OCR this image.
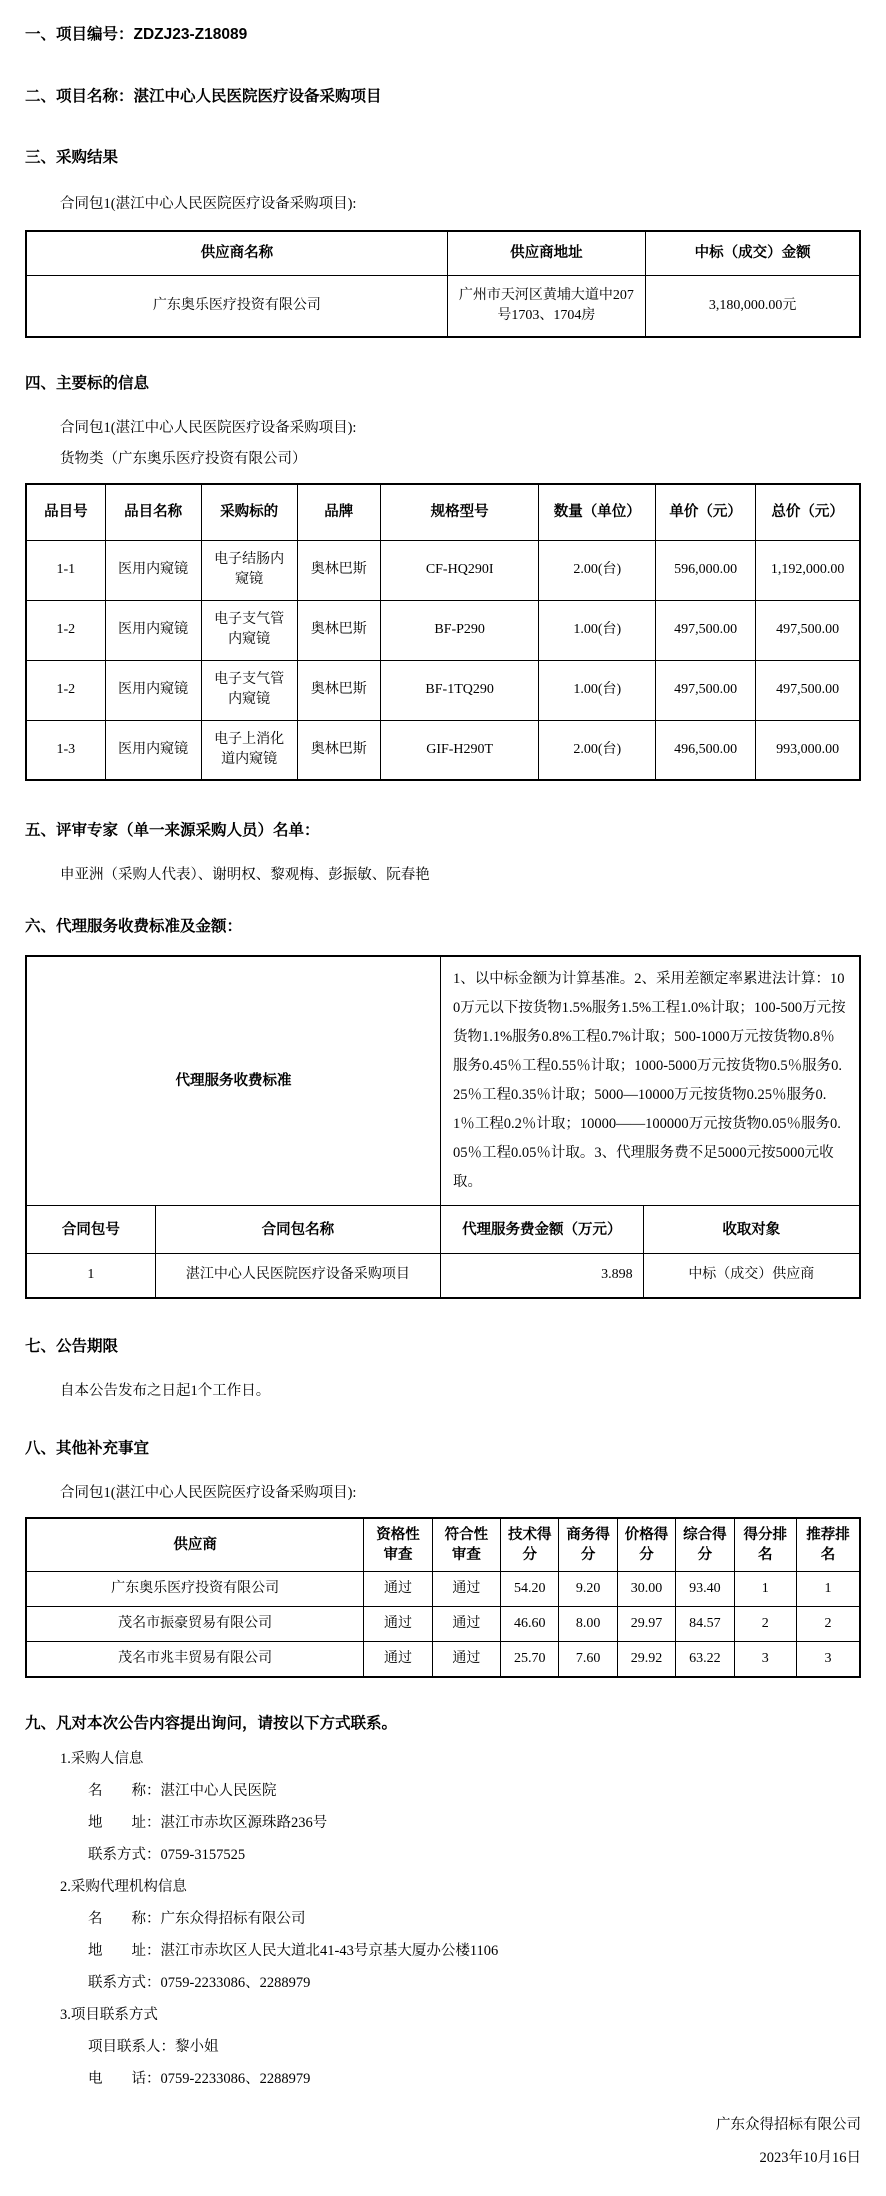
一、项目编号：ZDZJ23-Z18089
二、项目名称：湛江中心人民医院医疗设备采购项目
三、采购结果
合同包1(湛江中心人民医院医疗设备采购项目):
供应商名称	供应商地址	中标（成交）金额
广东奥乐医疗投资有限公司	广州市天河区黄埔大道中207号1703、1704房	3,180,000.00元
四、主要标的信息
合同包1(湛江中心人民医院医疗设备采购项目):
货物类（广东奥乐医疗投资有限公司）
品目号	品目名称	采购标的	品牌	规格型号	数量（单位）	单价（元）	总价（元）
1-1	医用内窥镜	电子结肠内窥镜	奥林巴斯	CF-HQ290I	2.00(台)	596,000.00	1,192,000.00
1-2	医用内窥镜	电子支气管内窥镜	奥林巴斯	BF-P290	1.00(台)	497,500.00	497,500.00
1-2	医用内窥镜	电子支气管内窥镜	奥林巴斯	BF-1TQ290	1.00(台)	497,500.00	497,500.00
1-3	医用内窥镜	电子上消化道内窥镜	奥林巴斯	GIF-H290T	2.00(台)	496,500.00	993,000.00
五、评审专家（单一来源采购人员）名单：
申亚洲（采购人代表）、谢明权、黎观梅、彭振敏、阮春艳
六、代理服务收费标准及金额：
代理服务收费标准		1、以中标金额为计算基准。2、采用差额定率累进法计算：100万元以下按货物1.5%服务1.5%工程1.0%计取；100-500万元按货物1.1%服务0.8%工程0.7%计取；500-1000万元按货物0.8％服务0.45％工程0.55％计取；1000-5000万元按货物0.5％服务0.25％工程0.35％计取；5000—10000万元按货物0.25％服务0.1％工程0.2％计取；10000——100000万元按货物0.05％服务0.05％工程0.05％计取。3、代理服务费不足5000元按5000元收取。	
合同包号	合同包名称	代理服务费金额（万元）	收取对象
1	湛江中心人民医院医疗设备采购项目	3.898	中标（成交）供应商
七、公告期限
自本公告发布之日起1个工作日。
八、其他补充事宜
合同包1(湛江中心人民医院医疗设备采购项目):
供应商	资格性审查	符合性审查	技术得分	商务得分	价格得分	综合得分	得分排名	推荐排名
广东奥乐医疗投资有限公司	通过	通过	54.20	9.20	30.00	93.40	1	1
茂名市振豪贸易有限公司	通过	通过	46.60	8.00	29.97	84.57	2	2
茂名市兆丰贸易有限公司	通过	通过	25.70	7.60	29.92	63.22	3	3
九、凡对本次公告内容提出询问，请按以下方式联系。
1.采购人信息
名　　称：湛江中心人民医院
地　　址：湛江市赤坎区源珠路236号
联系方式：0759-3157525
2.采购代理机构信息
名　　称：广东众得招标有限公司
地　　址：湛江市赤坎区人民大道北41-43号京基大厦办公楼1106
联系方式：0759-2233086、2288979
3.项目联系方式
项目联系人：黎小姐
电　　话：0759-2233086、2288979
广东众得招标有限公司
2023年10月16日
